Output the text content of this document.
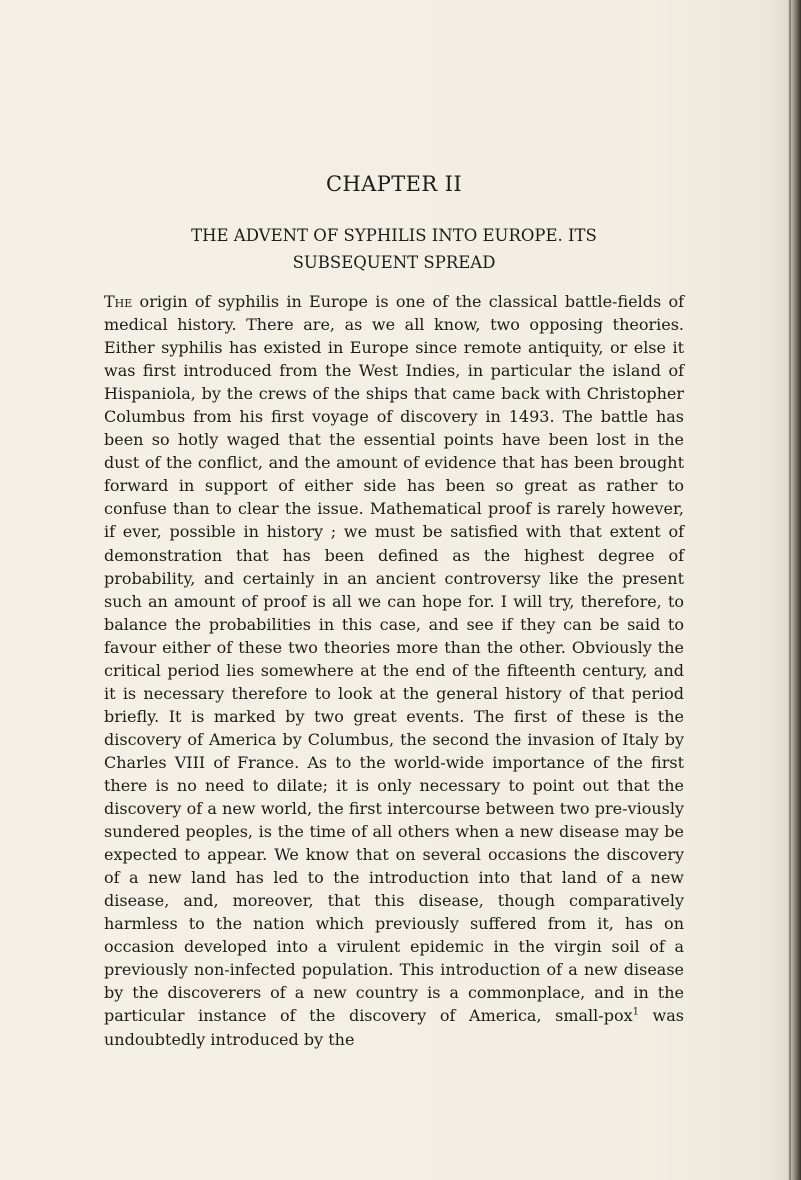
CHAPTER II
THE ADVENT OF SYPHILIS INTO EUROPE. ITS
SUBSEQUENT SPREAD

The origin of syphilis in Europe is one of the classical battle-fields of medical history. There are, as we all know, two opposing theories. Either syphilis has existed in Europe since remote antiquity, or else it was first introduced from the West Indies, in particular the island of Hispaniola, by the crews of the ships that came back with Christopher Columbus from his first voyage of discovery in 1493. The battle has been so hotly waged that the essential points have been lost in the dust of the conflict, and the amount of evidence that has been brought forward in support of either side has been so great as rather to confuse than to clear the issue. Mathematical proof is rarely however, if ever, possible in history ; we must be satisfied with that extent of demonstration that has been defined as the highest degree of probability, and certainly in an ancient controversy like the present such an amount of proof is all we can hope for. I will try, therefore, to balance the probabilities in this case, and see if they can be said to favour either of these two theories more than the other. Obviously the critical period lies somewhere at the end of the fifteenth century, and it is necessary therefore to look at the general history of that period briefly. It is marked by two great events. The first of these is the discovery of America by Columbus, the second the invasion of Italy by Charles VIII of France. As to the world-wide importance of the first there is no need to dilate; it is only necessary to point out that the discovery of a new world, the first intercourse between two pre-viously sundered peoples, is the time of all others when a new disease may be expected to appear. We know that on several occasions the discovery of a new land has led to the introduction into that land of a new disease, and, moreover, that this disease, though comparatively harmless to the nation which previously suffered from it, has on occasion developed into a virulent epidemic in the virgin soil of a previously non-infected population. This introduction of a new disease by the discoverers of a new country is a commonplace, and in the particular instance of the discovery of America, small-pox$^1$ was undoubtedly introduced by the
